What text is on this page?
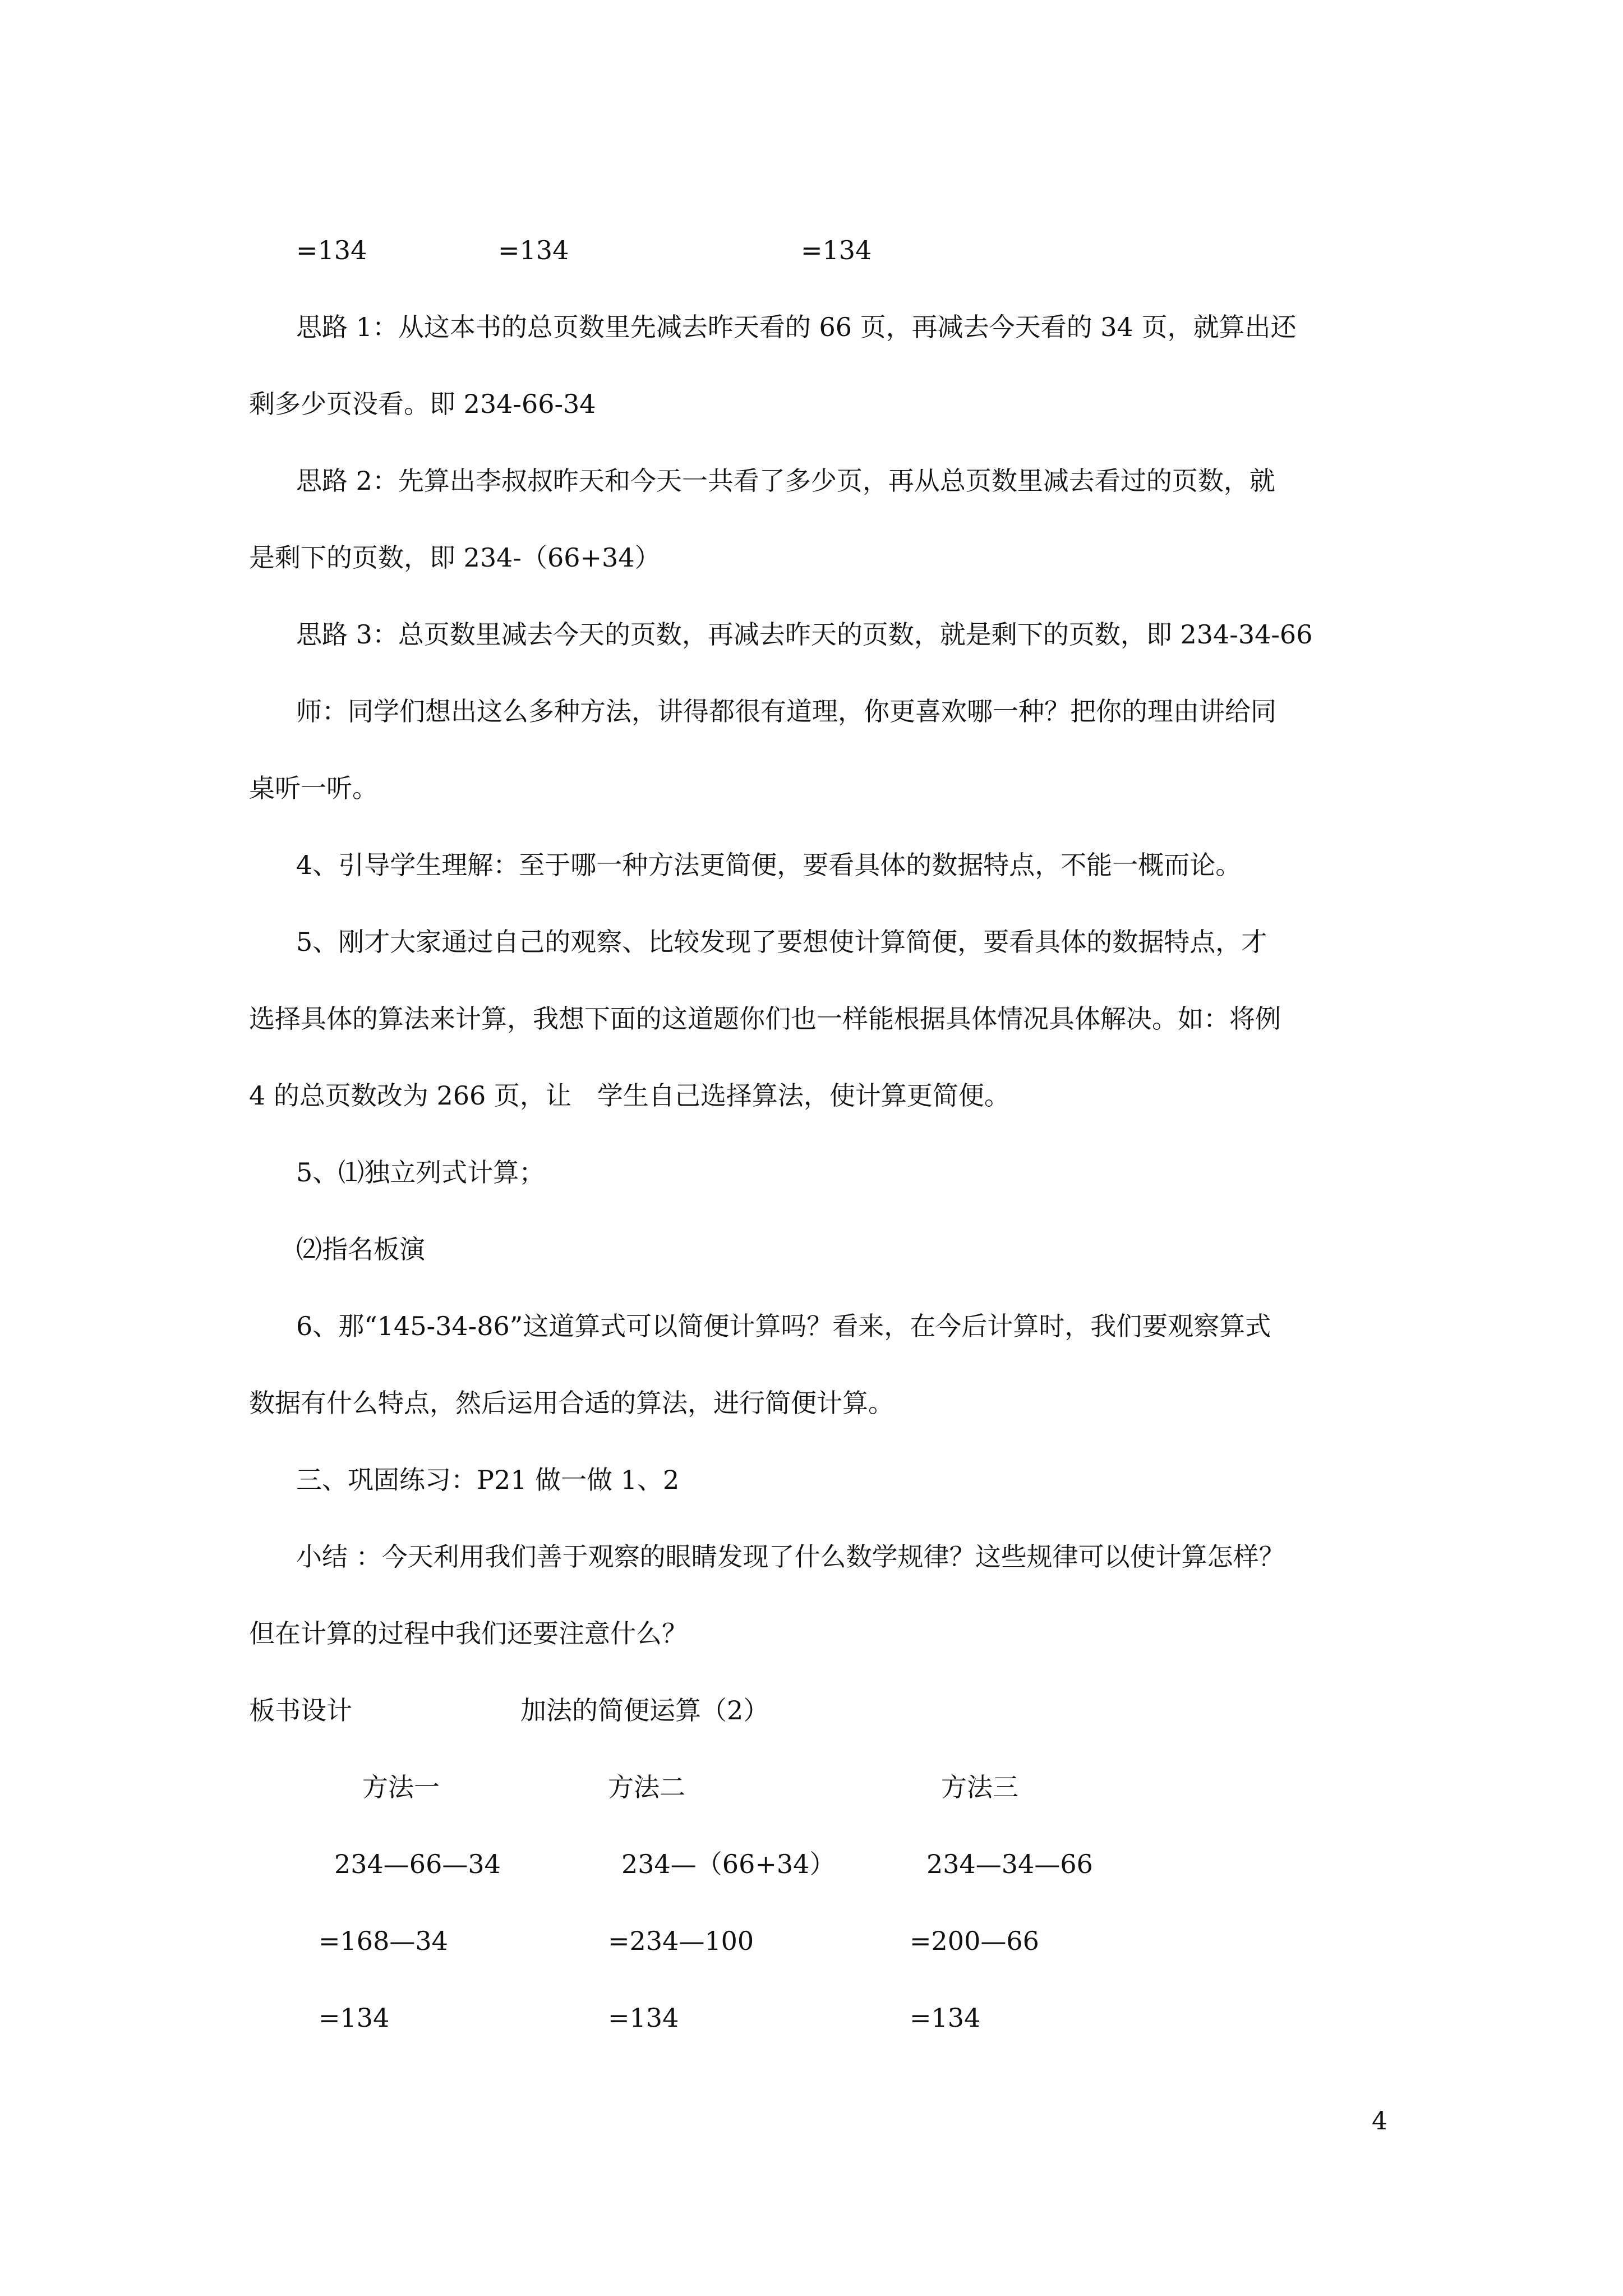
=134	=134	=134
思路 1：从这本书的总页数里先减去昨天看的 66 页，再减去今天看的 34 页，就算出还
剩多少页没看。即 234-66-34
思路 2：先算出李叔叔昨天和今天一共看了多少页，再从总页数里减去看过的页数，就
是剩下的页数，即 234-（66+34）
思路 3：总页数里减去今天的页数，再减去昨天的页数，就是剩下的页数，即 234-34-66
师：同学们想出这么多种方法，讲得都很有道理，你更喜欢哪一种？把你的理由讲给同
桌听一听。
4、引导学生理解：至于哪一种方法更简便，要看具体的数据特点，不能一概而论。
5、刚才大家通过自己的观察、比较发现了要想使计算简便，要看具体的数据特点，才
选择具体的算法来计算，我想下面的这道题你们也一样能根据具体情况具体解决。如：将例
4 的总页数改为 266 页，让　学生自己选择算法，使计算更简便。
5、⑴独立列式计算；
⑵指名板演
6、那“145-34-86”这道算式可以简便计算吗？看来，在今后计算时，我们要观察算式
数据有什么特点，然后运用合适的算法，进行简便计算。
三、巩固练习：P21 做一做 1、2
小结 ：今天利用我们善于观察的眼睛发现了什么数学规律？这些规律可以使计算怎样？
但在计算的过程中我们还要注意什么？
板书设计	加法的简便运算（2）
方法一	方法二	方法三
234—66—34	234—（66+34）	234—34—66
=168—34	=234—100	=200—66
=134	=134	=134
4
